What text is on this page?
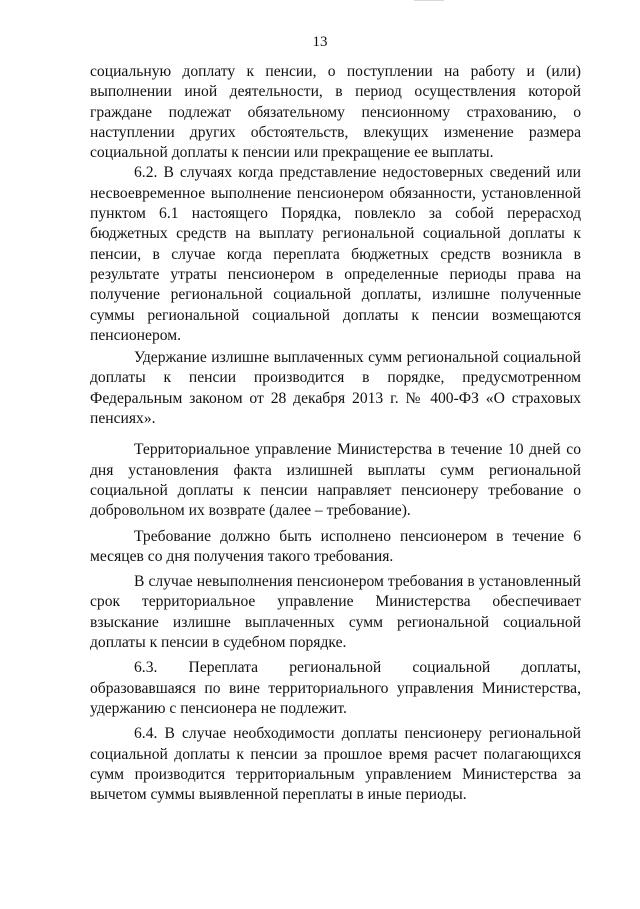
13

социальную доплату к пенсии, о поступлении на работу и (или) выполнении иной деятельности, в период осуществления которой граждане подлежат обязательному пенсионному страхованию, о наступлении других обстоятельств, влекущих изменение размера социальной доплаты к пенсии или прекращение ее выплаты.

6.2. В случаях когда представление недостоверных сведений или несвоевременное выполнение пенсионером обязанности, установленной пунктом 6.1 настоящего Порядка, повлекло за собой перерасход бюджетных средств на выплату региональной социальной доплаты к пенсии, в случае когда переплата бюджетных средств возникла в результате утраты пенсионером в определенные периоды права на получение региональной социальной доплаты, излишне полученные суммы региональной социальной доплаты к пенсии возмещаются пенсионером.

Удержание излишне выплаченных сумм региональной социальной доплаты к пенсии производится в порядке, предусмотренном Федеральным законом от 28 декабря 2013 г. № 400-ФЗ «О страховых пенсиях».

Территориальное управление Министерства в течение 10 дней со дня установления факта излишней выплаты сумм региональной социальной доплаты к пенсии направляет пенсионеру требование о добровольном их возврате (далее – требование).

Требование должно быть исполнено пенсионером в течение 6 месяцев со дня получения такого требования.

В случае невыполнения пенсионером требования в установленный срок территориальное управление Министерства обеспечивает взыскание излишне выплаченных сумм региональной социальной доплаты к пенсии в судебном порядке.

6.3. Переплата региональной социальной доплаты, образовавшаяся по вине территориального управления Министерства, удержанию с пенсионера не подлежит.

6.4. В случае необходимости доплаты пенсионеру региональной социальной доплаты к пенсии за прошлое время расчет полагающихся сумм производится территориальным управлением Министерства за вычетом суммы выявленной переплаты в иные периоды.
